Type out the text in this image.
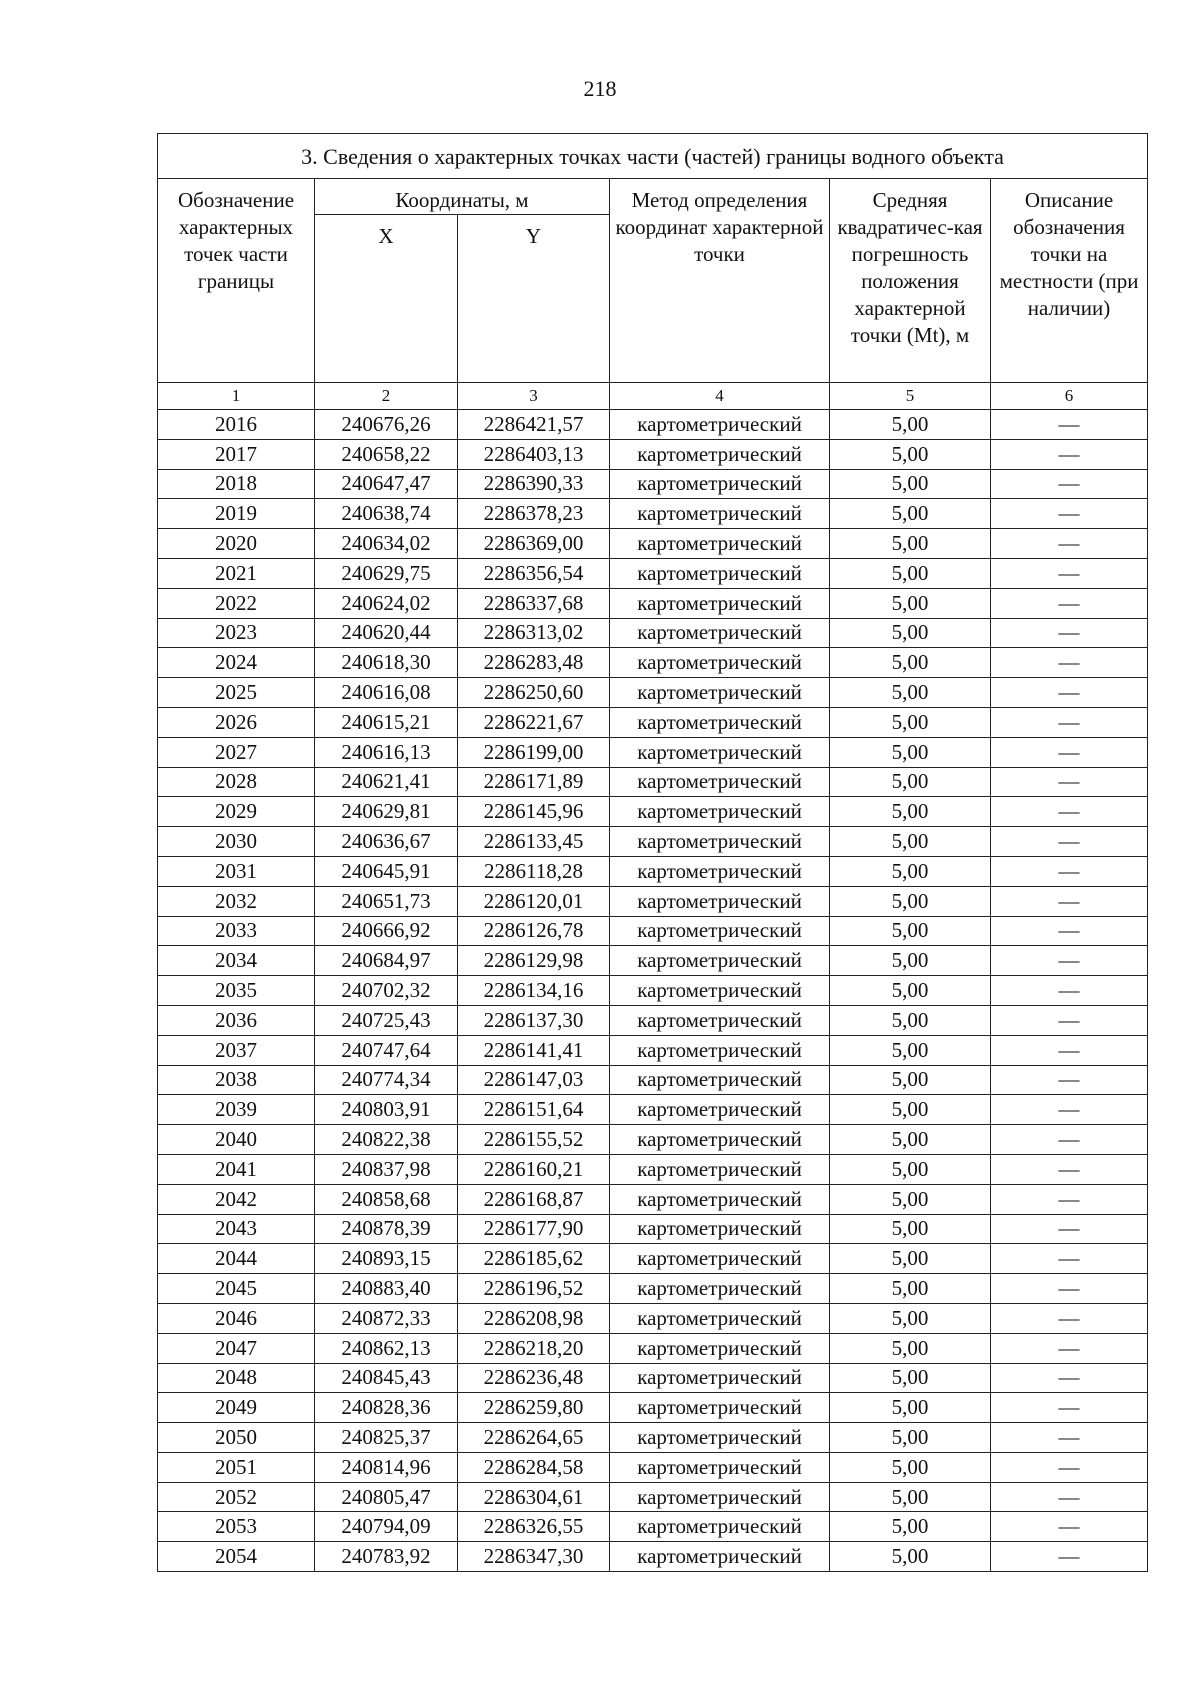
218
3. Сведения о характерных точках части (частей) границы водного объекта					
Обозначение характерных точек части границы	Координаты, м		Метод определения координат характерной точки	Средняя квадратичес-кая погрешность положения характерной точки (Mt), м	Описание обозначения точки на местности (при наличии)
	X	Y			
1	2	3	4	5	6
2016	240676,26	2286421,57	картометрический	5,00	—
2017	240658,22	2286403,13	картометрический	5,00	—
2018	240647,47	2286390,33	картометрический	5,00	—
2019	240638,74	2286378,23	картометрический	5,00	—
2020	240634,02	2286369,00	картометрический	5,00	—
2021	240629,75	2286356,54	картометрический	5,00	—
2022	240624,02	2286337,68	картометрический	5,00	—
2023	240620,44	2286313,02	картометрический	5,00	—
2024	240618,30	2286283,48	картометрический	5,00	—
2025	240616,08	2286250,60	картометрический	5,00	—
2026	240615,21	2286221,67	картометрический	5,00	—
2027	240616,13	2286199,00	картометрический	5,00	—
2028	240621,41	2286171,89	картометрический	5,00	—
2029	240629,81	2286145,96	картометрический	5,00	—
2030	240636,67	2286133,45	картометрический	5,00	—
2031	240645,91	2286118,28	картометрический	5,00	—
2032	240651,73	2286120,01	картометрический	5,00	—
2033	240666,92	2286126,78	картометрический	5,00	—
2034	240684,97	2286129,98	картометрический	5,00	—
2035	240702,32	2286134,16	картометрический	5,00	—
2036	240725,43	2286137,30	картометрический	5,00	—
2037	240747,64	2286141,41	картометрический	5,00	—
2038	240774,34	2286147,03	картометрический	5,00	—
2039	240803,91	2286151,64	картометрический	5,00	—
2040	240822,38	2286155,52	картометрический	5,00	—
2041	240837,98	2286160,21	картометрический	5,00	—
2042	240858,68	2286168,87	картометрический	5,00	—
2043	240878,39	2286177,90	картометрический	5,00	—
2044	240893,15	2286185,62	картометрический	5,00	—
2045	240883,40	2286196,52	картометрический	5,00	—
2046	240872,33	2286208,98	картометрический	5,00	—
2047	240862,13	2286218,20	картометрический	5,00	—
2048	240845,43	2286236,48	картометрический	5,00	—
2049	240828,36	2286259,80	картометрический	5,00	—
2050	240825,37	2286264,65	картометрический	5,00	—
2051	240814,96	2286284,58	картометрический	5,00	—
2052	240805,47	2286304,61	картометрический	5,00	—
2053	240794,09	2286326,55	картометрический	5,00	—
2054	240783,92	2286347,30	картометрический	5,00	—
